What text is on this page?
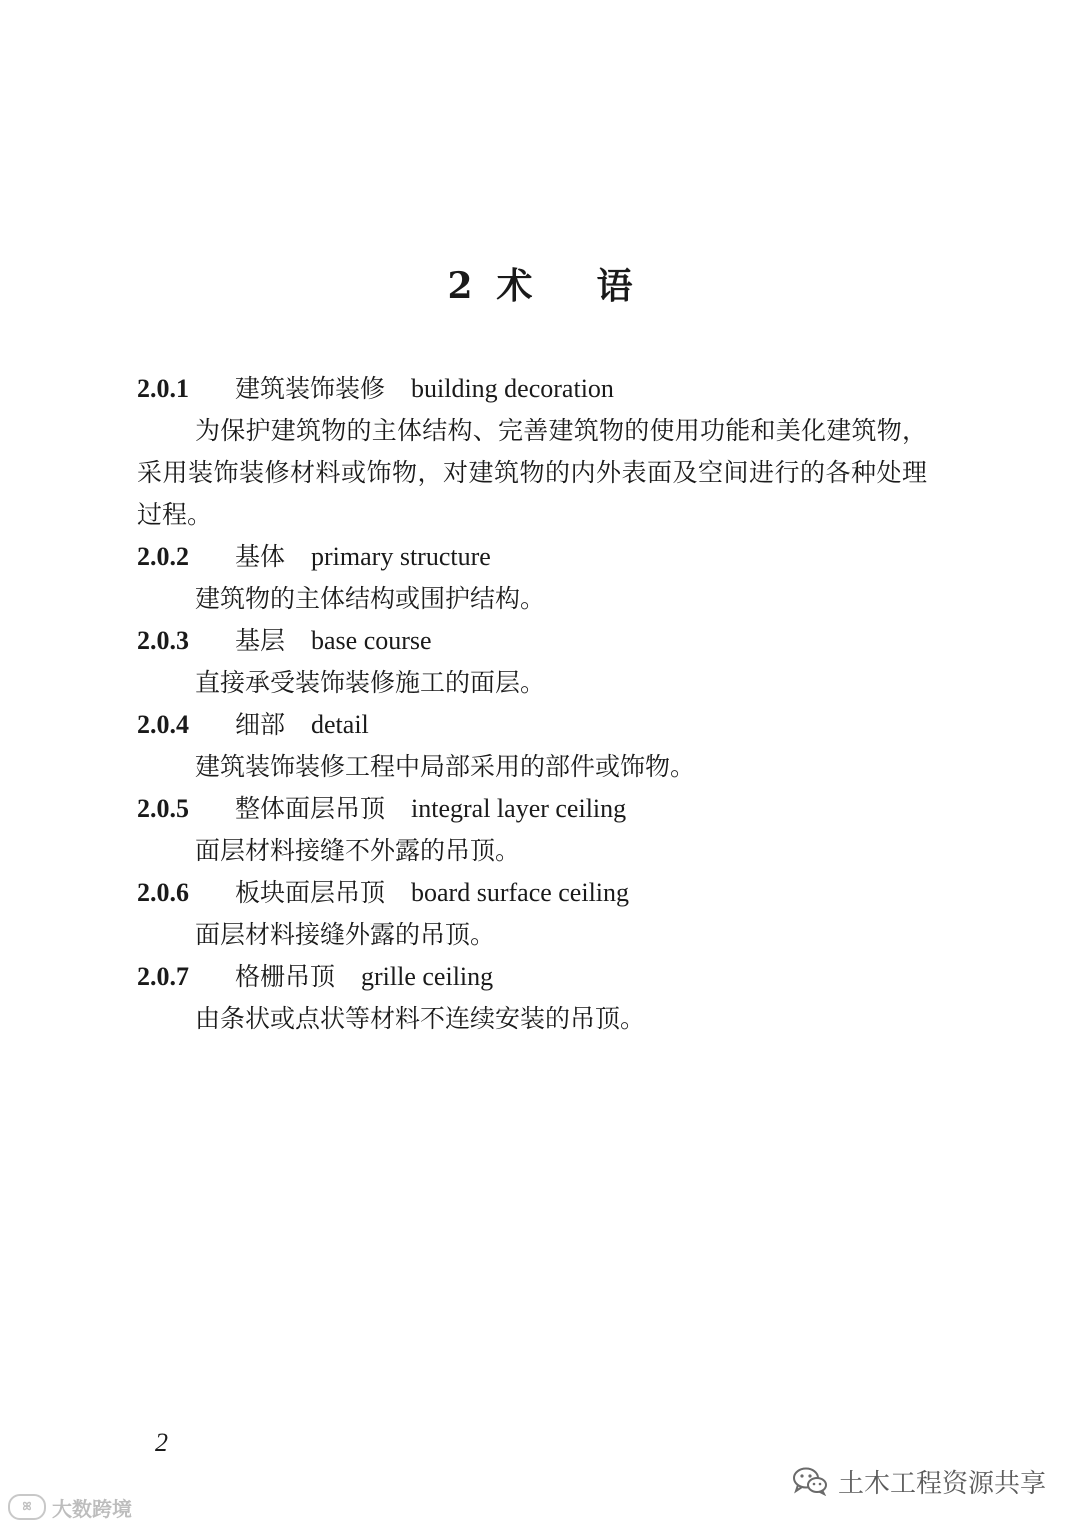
2 术 语
2.0.1 建筑装饰装修 building decoration

为保护建筑物的主体结构、完善建筑物的使用功能和美化建筑物，采用装饰装修材料或饰物，对建筑物的内外表面及空间进行的各种处理过程。

2.0.2 基体 primary structure

建筑物的主体结构或围护结构。

2.0.3 基层 base course

直接承受装饰装修施工的面层。

2.0.4 细部 detail

建筑装饰装修工程中局部采用的部件或饰物。

2.0.5 整体面层吊顶 integral layer ceiling

面层材料接缝不外露的吊顶。

2.0.6 板块面层吊顶 board surface ceiling

面层材料接缝外露的吊顶。

2.0.7 格栅吊顶 grille ceiling

由条状或点状等材料不连续安装的吊顶。

2
ꕤ	大数跨境
土木工程资源共享
